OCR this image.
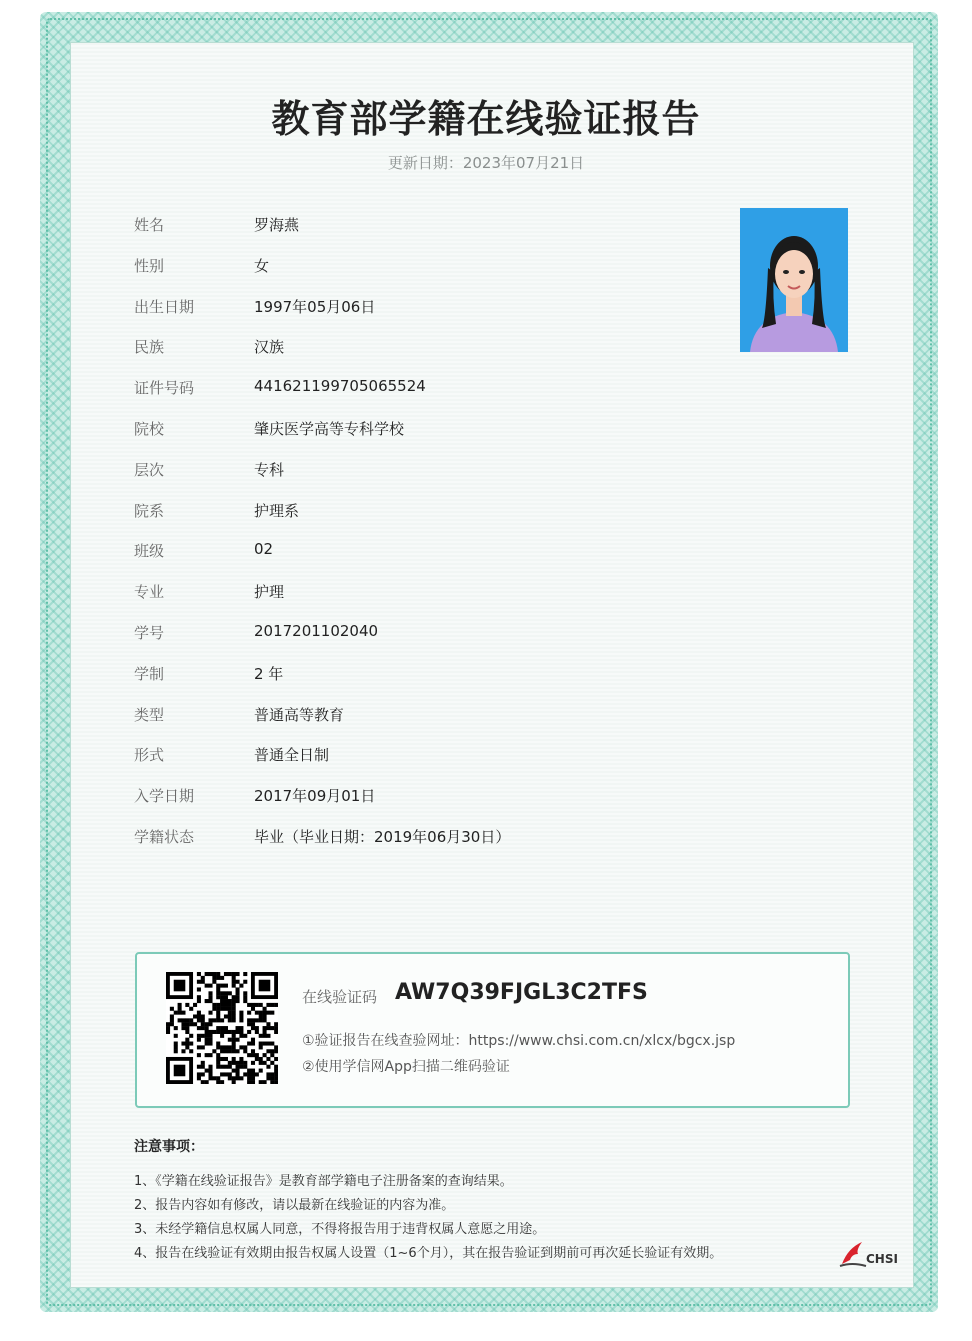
教育部学籍在线验证报告
更新日期：2023年07月21日
姓名	罗海燕
性别	女
出生日期	1997年05月06日
民族	汉族
证件号码	441621199705065524
院校	肇庆医学高等专科学校
层次	专科
院系	护理系
班级	02
专业	护理
学号	2017201102040
学制	2 年
类型	普通高等教育
形式	普通全日制
入学日期	2017年09月01日
学籍状态	毕业（毕业日期：2019年06月30日）
在线验证码 AW7Q39FJGL3C2TFS
①验证报告在线查验网址：https://www.chsi.com.cn/xlcx/bgcx.jsp
②使用学信网App扫描二维码验证
注意事项：
1、《学籍在线验证报告》是教育部学籍电子注册备案的查询结果。
2、报告内容如有修改，请以最新在线验证的内容为准。
3、未经学籍信息权属人同意，不得将报告用于违背权属人意愿之用途。
4、报告在线验证有效期由报告权属人设置（1~6个月），其在报告验证到期前可再次延长验证有效期。	CHSI
